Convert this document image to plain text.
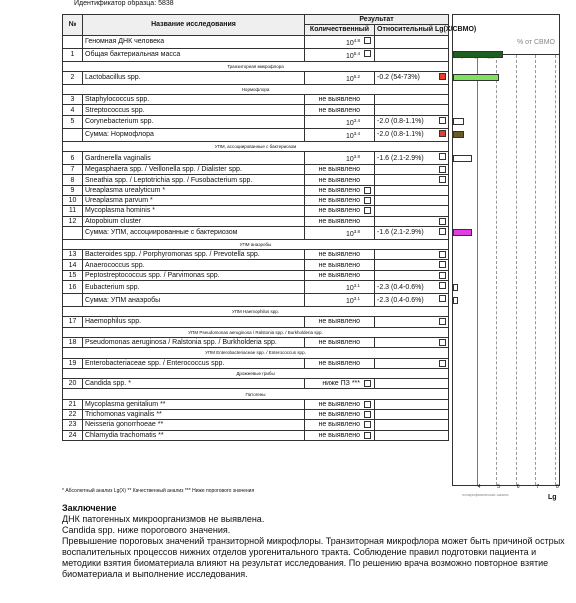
Идентификатор образца: 5838
№	Название исследования	Результат	
		Количественный	Относительный Lg(X/СВМО)
	Геномная ДНК человека	$10^{4.8}$

1	Общая бактериальная масса	$10^{5.4}$

Транзиторная микрофлора			
2	Lactobacillus spp.	$10^{5.2}$	-0.2 (54-73%)

Нормофлора			
3	Staphylococcus spp.	не выявлено	
4	Streptococcus spp.	не выявлено	
5	Corynebacterium spp.	$10^{3.4}$	-2.0 (0.8-1.1%)

	Сумма: Нормофлора	$10^{3.4}$	-2.0 (0.8-1.1%)

УПМ, ассоциированные с бактериозом			
6	Gardnerella vaginalis	$10^{3.8}$	-1.6 (2.1-2.9%)

7	Megasphaera spp. / Veillonella spp. / Dialister spp.	не выявлено	

8	Sneathia spp. / Leptotrichia spp. / Fusobacterium spp.	не выявлено	

9	Ureaplasma urealyticum *	не выявлено

10	Ureaplasma parvum *	не выявлено

11	Mycoplasma hominis *	не выявлено

12	Atopobium cluster	не выявлено	

	Сумма: УПМ, ассоциированные с бактериозом	$10^{3.8}$	-1.6 (2.1-2.9%)

УПМ анаэробы			
13	Bacteroides spp. / Porphyromonas spp. / Prevotella spp.	не выявлено	

14	Anaerococcus spp.	не выявлено	

15	Peptostreptococcus spp. / Parvimonas spp.	не выявлено	

16	Eubacterium spp.	$10^{3.1}$	-2.3 (0.4-0.6%)

	Сумма: УПМ анаэробы	$10^{3.1}$	-2.3 (0.4-0.6%)

УПМ Haemophilus spp.			
17	Haemophilus spp.	не выявлено	

УПМ Pseudomonas aeruginosa / Ralstonia spp. / Burkholderia spp.			
18	Pseudomonas aeruginosa / Ralstonia spp. / Burkholderia spp.	не выявлено	

УПМ Enterobacteriaceae spp. / Enterococcus spp.			
19	Enterobacteriaceae spp. / Enterococcus spp.	не выявлено	

Дрожжевые грибы			
20	Candida spp. *	ниже ПЗ ***

Патогены			
21	Mycoplasma genitalium **	не выявлено

22	Trichomonas vaginalis **	не выявлено

23	Neisseria gonorrhoeae **	не выявлено

24	Chlamydia trachomatis **	не выявлено

% от СВМО
4	5	6	7	8
логарифмическая шкала	Lg
* Абсолютный анализ Lg(X) ** Качественный анализ *** Ниже порогового значения
Заключение

ДНК патогенных микроорганизмов не выявлена.

Candida spp. ниже порогового значения.

Превышение пороговых значений транзиторной микрофлоры. Транзиторная микрофлора может быть причиной острых воспалительных процессов нижних отделов урогенитального тракта. Соблюдение правил подготовки пациента и методики взятия биоматериала влияют на результат исследования. По решению врача возможно повторное взятие биоматериала и выполнение исследования.
